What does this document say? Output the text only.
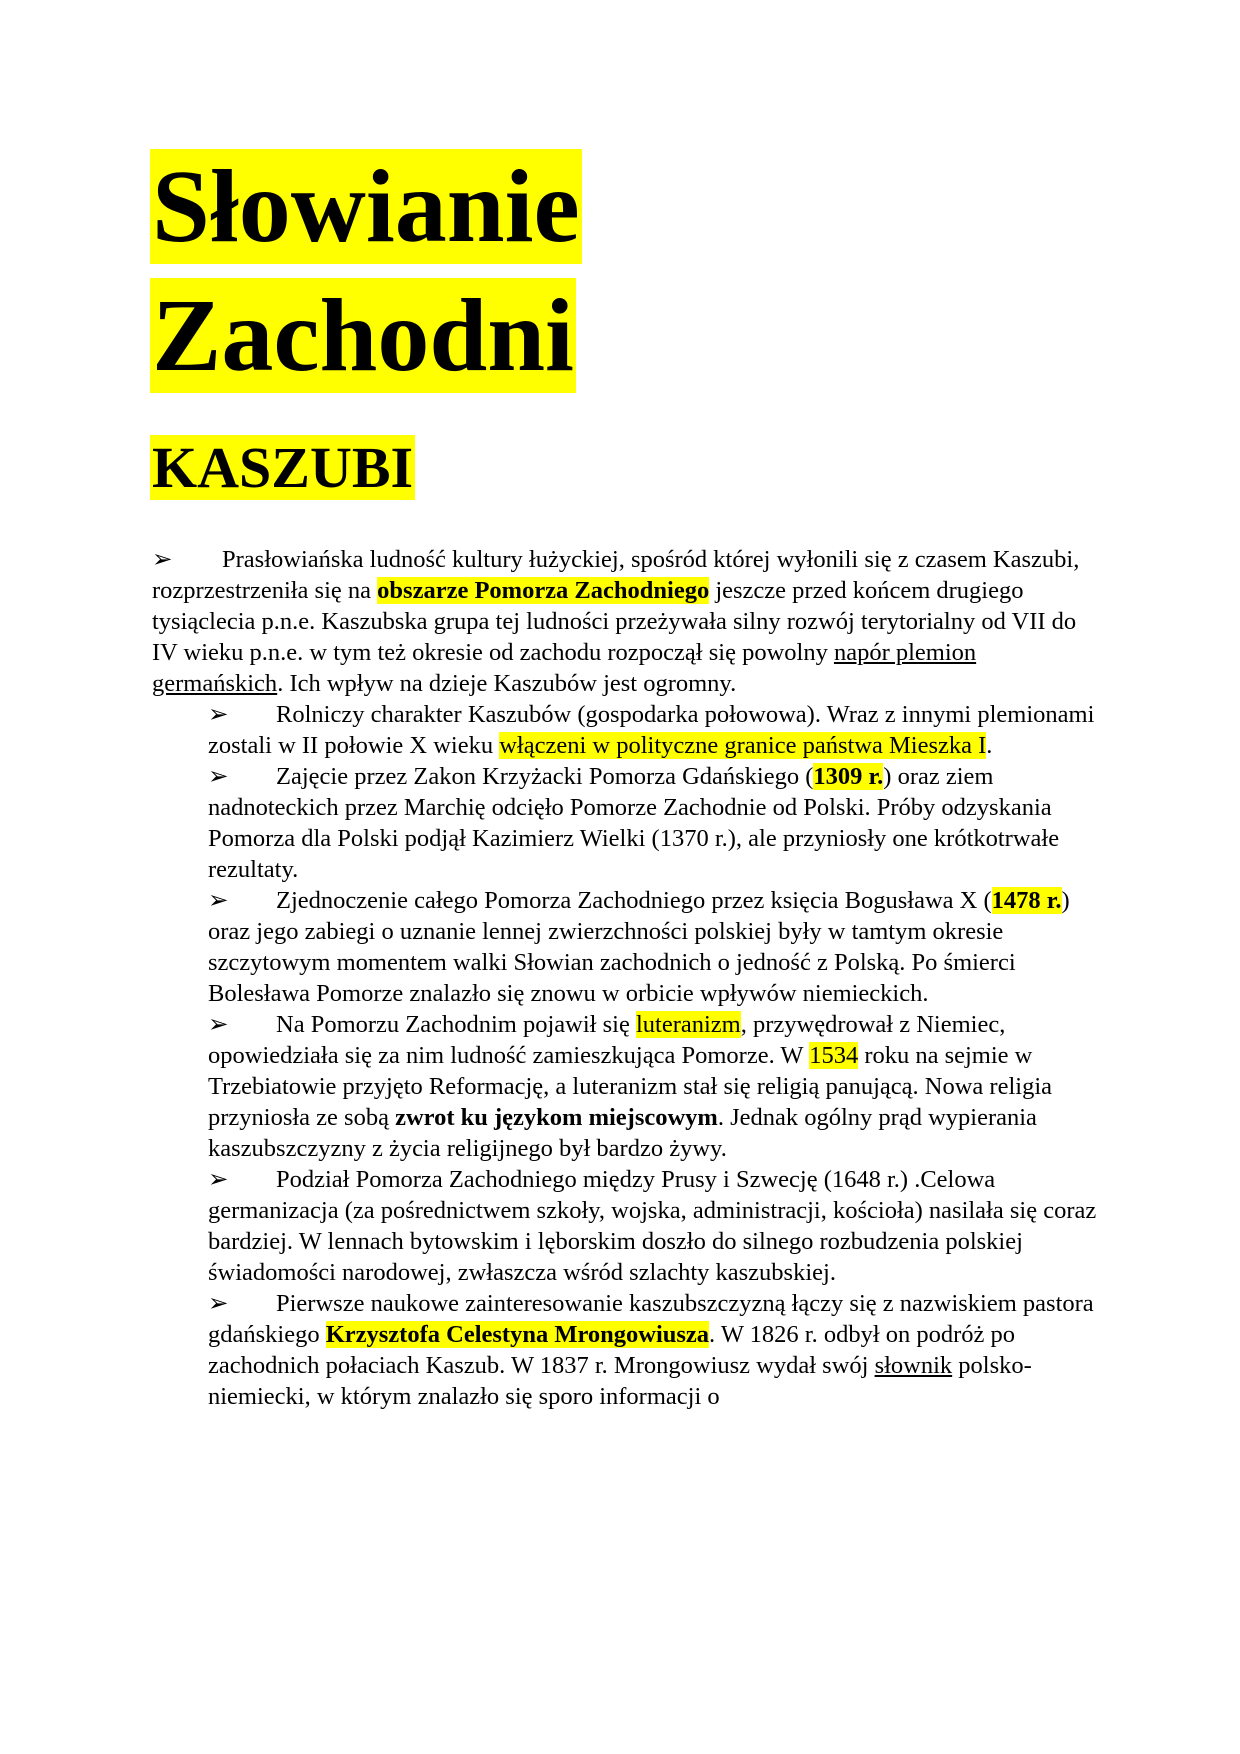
Słowianie
Zachodni
KASZUBI

➢ Prasłowiańska ludność kultury łużyckiej, spośród której wyłonili się z czasem Kaszubi, rozprzestrzeniła się na obszarze Pomorza Zachodniego jeszcze przed końcem drugiego tysiąclecia p.n.e. Kaszubska grupa tej ludności przeżywała silny rozwój terytorialny od VII do IV wieku p.n.e. w tym też okresie od zachodu rozpoczął się powolny napór plemion germańskich. Ich wpływ na dzieje Kaszubów jest ogromny.

➢ Rolniczy charakter Kaszubów (gospodarka połowowa). Wraz z innymi plemionami zostali w II połowie X wieku włączeni w polityczne granice państwa Mieszka I.

➢ Zajęcie przez Zakon Krzyżacki Pomorza Gdańskiego (1309 r.) oraz ziem nadnoteckich przez Marchię odcięło Pomorze Zachodnie od Polski. Próby odzyskania Pomorza dla Polski podjął Kazimierz Wielki (1370 r.), ale przyniosły one krótkotrwałe rezultaty.

➢ Zjednoczenie całego Pomorza Zachodniego przez księcia Bogusława X (1478 r.) oraz jego zabiegi o uznanie lennej zwierzchności polskiej były w tamtym okresie szczytowym momentem walki Słowian zachodnich o jedność z Polską. Po śmierci Bolesława Pomorze znalazło się znowu w orbicie wpływów niemieckich.

➢ Na Pomorzu Zachodnim pojawił się luteranizm, przywędrował z Niemiec, opowiedziała się za nim ludność zamieszkująca Pomorze. W 1534 roku na sejmie w Trzebiatowie przyjęto Reformację, a luteranizm stał się religią panującą. Nowa religia przyniosła ze sobą zwrot ku językom miejscowym. Jednak ogólny prąd wypierania kaszubszczyzny z życia religijnego był bardzo żywy.

➢ Podział Pomorza Zachodniego między Prusy i Szwecję (1648 r.) .Celowa germanizacja (za pośrednictwem szkoły, wojska, administracji, kościoła) nasilała się coraz bardziej. W lennach bytowskim i lęborskim doszło do silnego rozbudzenia polskiej świadomości narodowej, zwłaszcza wśród szlachty kaszubskiej.

➢ Pierwsze naukowe zainteresowanie kaszubszczyzną łączy się z nazwiskiem pastora gdańskiego Krzysztofa Celestyna Mrongowiusza. W 1826 r. odbył on podróż po zachodnich połaciach Kaszub. W 1837 r. Mrongowiusz wydał swój słownik polsko- niemiecki, w którym znalazło się sporo informacji o
